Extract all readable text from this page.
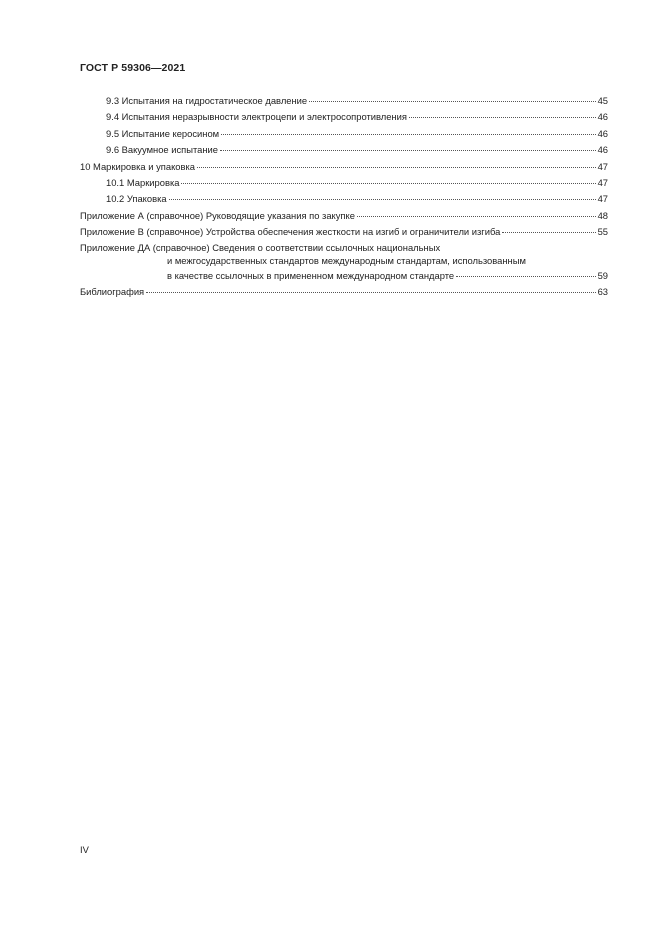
ГОСТ Р 59306—2021
9.3 Испытания на гидростатическое давление	45
9.4 Испытания неразрывности электроцепи и электросопротивления	46
9.5 Испытание керосином	46
9.6 Вакуумное испытание	46
10 Маркировка и упаковка	47
10.1 Маркировка	47
10.2 Упаковка	47
Приложение А (справочное) Руководящие указания по закупке	48
Приложение В (справочное) Устройства обеспечения жесткости на изгиб и ограничители изгиба	55
Приложение ДА (справочное) Сведения о соответствии ссылочных национальных
и межгосударственных стандартов международным стандартам, использованным
в качестве ссылочных в примененном международном стандарте	59
Библиография	63
IV
